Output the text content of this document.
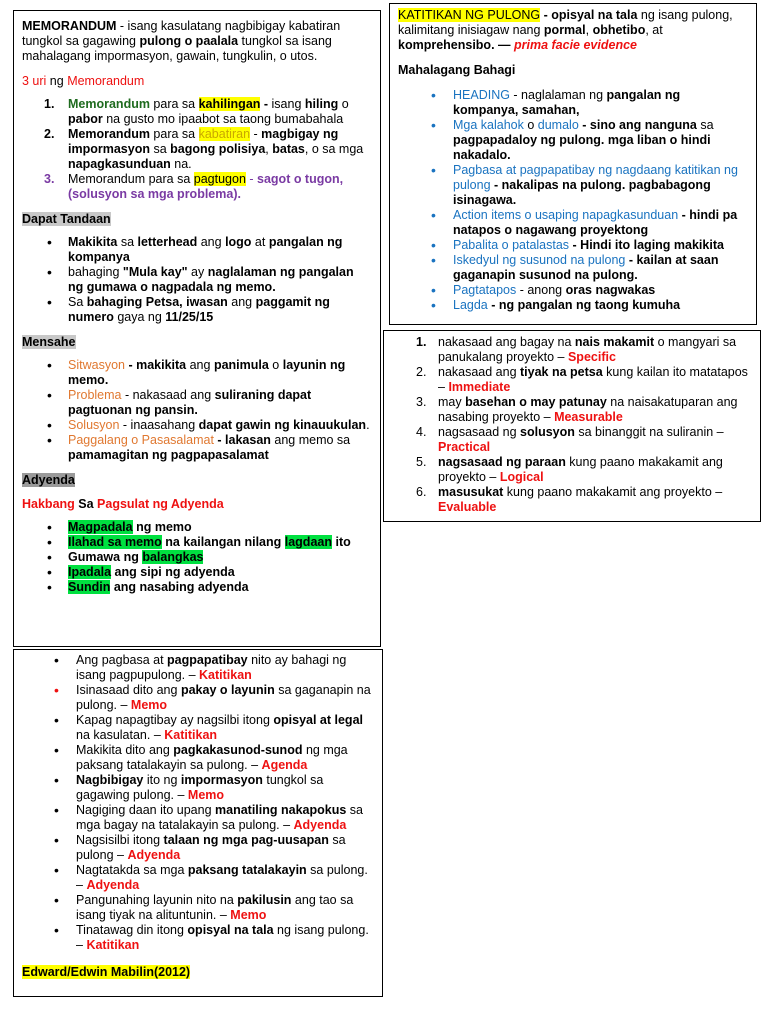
MEMORANDUM - isang kasulatang nagbibigay kabatiran tungkol sa gagawing pulong o paalala tungkol sa isang mahalagang impormasyon, gawain, tungkulin, o utos.

3 uri ng Memorandum

1. Memorandum para sa kahilingan - isang hiling o pabor na gusto mo ipaabot sa taong bumabahala
2. Memorandum para sa kabatiran - magbigay ng impormasyon sa bagong polisiya, batas, o sa mga napagkasunduan na.
3. Memorandum para sa pagtugon - sagot o tugon, (solusyon sa mga problema).

Dapat Tandaan

• Makikita sa letterhead ang logo at pangalan ng kompanya
• bahaging "Mula kay" ay naglalaman ng pangalan ng gumawa o nagpadala ng memo.
• Sa bahaging Petsa, iwasan ang paggamit ng numero gaya ng 11/25/15

Mensahe

• Sitwasyon - makikita ang panimula o layunin ng memo.
• Problema - nakasaad ang suliraning dapat pagtuonan ng pansin.
• Solusyon - inaasahang dapat gawin ng kinauukulan.
• Paggalang o Pasasalamat - lakasan ang memo sa pamamagitan ng pagpapasalamat

Adyenda

Hakbang Sa Pagsulat ng Adyenda

• Magpadala ng memo
• Ilahad sa memo na kailangan nilang lagdaan ito
• Gumawa ng balangkas
• Ipadala ang sipi ng adyenda
• Sundin ang nasabing adyenda

KATITIKAN NG PULONG - opisyal na tala ng isang pulong, kalimitang inisiagaw nang pormal, obhetibo, at komprehensibo. — prima facie evidence

Mahalagang Bahagi

• HEADING - naglalaman ng pangalan ng kompanya, samahan,
• Mga kalahok o dumalo - sino ang nanguna sa pagpapadaloy ng pulong. mga liban o hindi nakadalo.
• Pagbasa at pagpapatibay ng nagdaang katitikan ng pulong - nakalipas na pulong. pagbabagong isinagawa.
• Action items o usaping napagkasunduan - hindi pa natapos o nagawang proyektong
• Pabalita o patalastas - Hindi ito laging makikita
• Iskedyul ng susunod na pulong - kailan at saan gaganapin susunod na pulong.
• Pagtatapos - anong oras nagwakas
• Lagda - ng pangalan ng taong kumuha
1. nakasaad ang bagay na nais makamit o mangyari sa panukalang proyekto – Specific
2. nakasaad ang tiyak na petsa kung kailan ito matatapos – Immediate
3. may basehan o may patunay na naisakatuparan ang nasabing proyekto – Measurable
4. nagsasaad ng solusyon sa binanggit na suliranin – Practical
5. nagsasaad ng paraan kung paano makakamit ang proyekto – Logical
6. masusukat kung paano makakamit ang proyekto – Evaluable
• Ang pagbasa at pagpapatibay nito ay bahagi ng isang pagpupulong. – Katitikan
• Isinasaad dito ang pakay o layunin sa gaganapin na pulong. – Memo
• Kapag napagtibay ay nagsilbi itong opisyal at legal na kasulatan. – Katitikan
• Makikita dito ang pagkakasunod-sunod ng mga paksang tatalakayin sa pulong. – Agenda
• Nagbibigay ito ng impormasyon tungkol sa gagawing pulong. – Memo
• Nagiging daan ito upang manatiling nakapokus sa mga bagay na tatalakayin sa pulong. – Adyenda
• Nagsisilbi itong talaan ng mga pag-uusapan sa pulong – Adyenda
• Nagtatakda sa mga paksang tatalakayin sa pulong. – Adyenda
• Pangunahing layunin nito na pakilusin ang tao sa isang tiyak na alituntunin. – Memo
• Tinatawag din itong opisyal na tala ng isang pulong. – Katitikan

Edward/Edwin Mabilin(2012)
